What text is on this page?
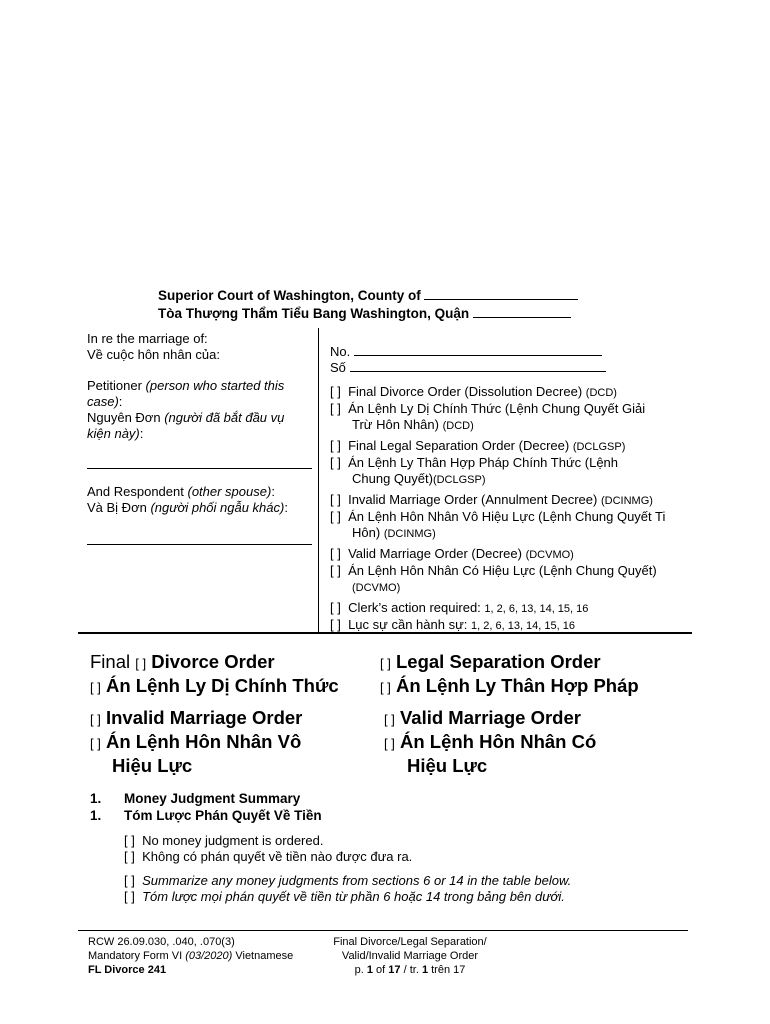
Superior Court of Washington, County of
Tòa Thượng Thẩm Tiểu Bang Washington, Quận
In re the marriage of:
Về cuộc hôn nhân của:
Petitioner (person who started this case):
Nguyên Đơn (người đã bắt đầu vụ kiện này):
And Respondent (other spouse):
Và Bị Đơn (người phối ngẫu khác):
No.
Số
[ ] Final Divorce Order (Dissolution Decree) (DCD)
[ ] Án Lệnh Ly Dị Chính Thức (Lệnh Chung Quyết Giải
Trừ Hôn Nhân) (DCD)
[ ] Final Legal Separation Order (Decree) (DCLGSP)
[ ] Án Lệnh Ly Thân Hợp Pháp Chính Thức (Lệnh
Chung Quyết)(DCLGSP)
[ ] Invalid Marriage Order (Annulment Decree) (DCINMG)
[ ] Án Lệnh Hôn Nhân Vô Hiệu Lực (Lệnh Chung Quyết Ti
Hôn) (DCINMG)
[ ] Valid Marriage Order (Decree) (DCVMO)
[ ] Án Lệnh Hôn Nhân Có Hiệu Lực (Lệnh Chung Quyết)
(DCVMO)
[ ] Clerk’s action required: 1, 2, 6, 13, 14, 15, 16
[ ] Lục sự cần hành sự: 1, 2, 6, 13, 14, 15, 16
Final [ ] Divorce Order
[ ] Án Lệnh Ly Dị Chính Thức
[ ] Legal Separation Order
[ ] Án Lệnh Ly Thân Hợp Pháp
[ ] Invalid Marriage Order
[ ] Án Lệnh Hôn Nhân Vô
Hiệu Lực
[ ] Valid Marriage Order
[ ] Án Lệnh Hôn Nhân Có
Hiệu Lực
1. Money Judgment Summary
1. Tóm Lược Phán Quyết Về Tiền
[ ] No money judgment is ordered.
[ ] Không có phán quyết về tiền nào được đưa ra.
[ ] Summarize any money judgments from sections 6 or 14 in the table below.
[ ] Tóm lược mọi phán quyết về tiền từ phần 6 hoặc 14 trong bảng bên dưới.
RCW 26.09.030, .040, .070(3)
Mandatory Form VI (03/2020) Vietnamese
FL Divorce 241
Final Divorce/Legal Separation/
Valid/Invalid Marriage Order
p. 1 of 17 / tr. 1 trên 17
